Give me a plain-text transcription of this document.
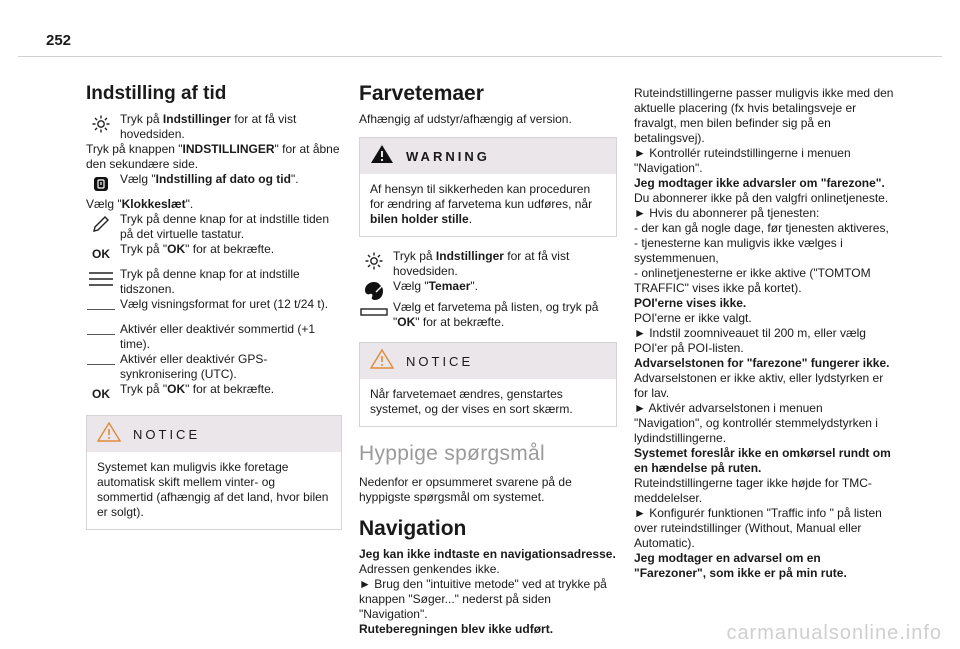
252
Indstilling af tid

Tryk på Indstillinger for at få vist hovedsiden.

Tryk på knappen "INDSTILLINGER" for at åbne den sekundære side.

Vælg "Indstilling af dato og tid".

Vælg "Klokkeslæt".

Tryk på denne knap for at indstille tiden på det virtuelle tastatur.

OK Tryk på "OK" for at bekræfte.

Tryk på denne knap for at indstille tidszonen.

Vælg visningsformat for uret (12 t/24 t).

Aktivér eller deaktivér sommertid (+1 time).

Aktivér eller deaktivér GPS-synkronisering (UTC).

OK Tryk på "OK" for at bekræfte.

NOTICE

Systemet kan muligvis ikke foretage automatisk skift mellem vinter- og sommertid (afhængig af det land, hvor bilen er solgt).

Farvetemaer

Afhængig af udstyr/afhængig af version.

WARNING

Af hensyn til sikkerheden kan proceduren for ændring af farvetema kun udføres, når bilen holder stille.

Tryk på Indstillinger for at få vist hovedsiden.

Vælg "Temaer".

Vælg et farvetema på listen, og tryk på "OK" for at bekræfte.

NOTICE

Når farvetemaet ændres, genstartes systemet, og der vises en sort skærm.

Hyppige spørgsmål

Nedenfor er opsummeret svarene på de hyppigste spørgsmål om systemet.

Navigation

Jeg kan ikke indtaste en navigationsadresse.

Adressen genkendes ikke.

► Brug den "intuitive metode" ved at trykke på knappen "Søger..." nederst på siden "Navigation".

Ruteberegningen blev ikke udført.

Ruteindstillingerne passer muligvis ikke med den aktuelle placering (fx hvis betalingsveje er fravalgt, men bilen befinder sig på en betalingsvej).

► Kontrollér ruteindstillingerne i menuen "Navigation".

Jeg modtager ikke advarsler om "farezone".

Du abonnerer ikke på den valgfri onlinetjeneste.

► Hvis du abonnerer på tjenesten:

- der kan gå nogle dage, før tjenesten aktiveres,

- tjenesterne kan muligvis ikke vælges i systemmenuen,

- onlinetjenesterne er ikke aktive ("TOMTOM TRAFFIC" vises ikke på kortet).

POI'erne vises ikke.

POI'erne er ikke valgt.

► Indstil zoomniveauet til 200 m, eller vælg POI'er på POI-listen.

Advarselstonen for "farezone" fungerer ikke.

Advarselstonen er ikke aktiv, eller lydstyrken er for lav.

► Aktivér advarselstonen i menuen "Navigation", og kontrollér stemmelydstyrken i lydindstillingerne.

Systemet foreslår ikke en omkørsel rundt om en hændelse på ruten.

Ruteindstillingerne tager ikke højde for TMC-meddelelser.

► Konfigurér funktionen "Traffic info " på listen over ruteindstillinger (Without, Manual eller Automatic).

Jeg modtager en advarsel om en "Farezoner", som ikke er på min rute.

carmanualsonline.info
